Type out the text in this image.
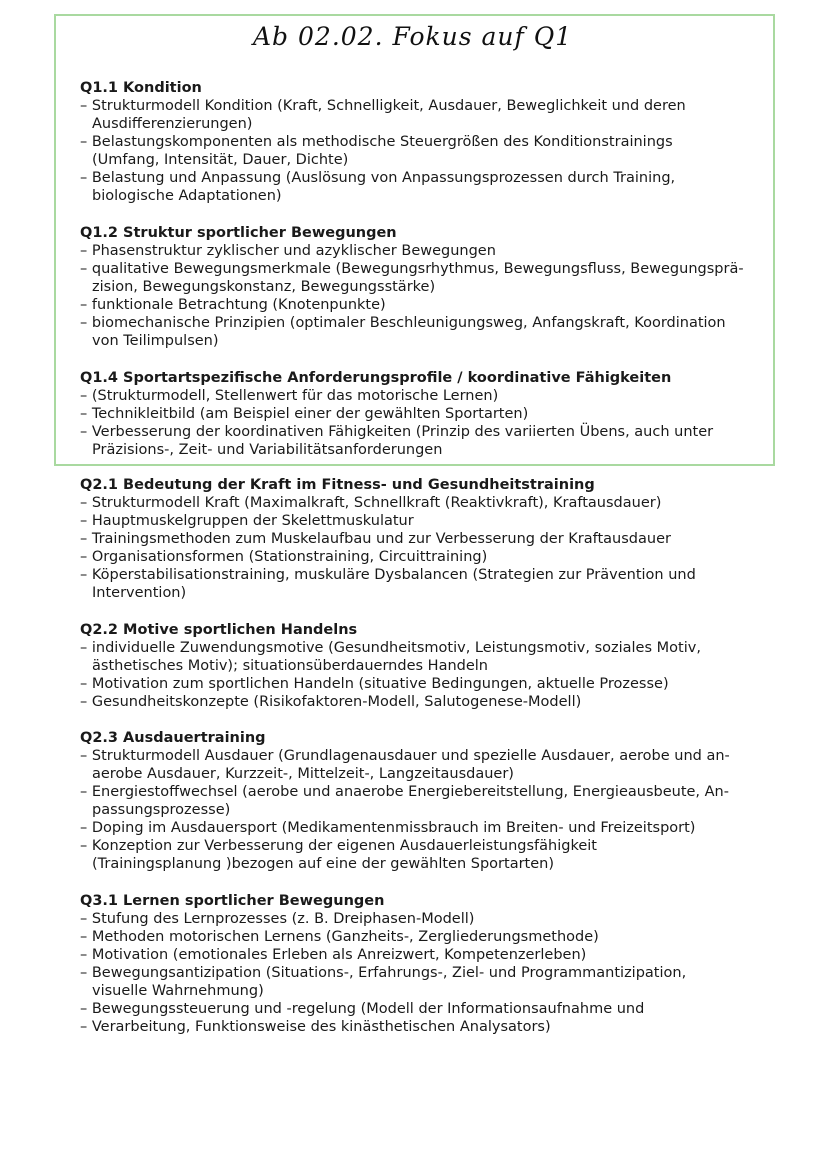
Ab 02.02. Fokus auf Q1
Q1.1 Kondition
– Strukturmodell Kondition (Kraft, Schnelligkeit, Ausdauer, Beweglichkeit und deren
Ausdifferenzierungen)
– Belastungskomponenten als methodische Steuergrößen des Konditionstrainings
(Umfang, Intensität, Dauer, Dichte)
– Belastung und Anpassung (Auslösung von Anpassungsprozessen durch Training,
biologische Adaptationen)
Q1.2 Struktur sportlicher Bewegungen
– Phasenstruktur zyklischer und azyklischer Bewegungen
– qualitative Bewegungsmerkmale (Bewegungsrhythmus, Bewegungsfluss, Bewegungsprä-
zision, Bewegungskonstanz, Bewegungsstärke)
– funktionale Betrachtung (Knotenpunkte)
– biomechanische Prinzipien (optimaler Beschleunigungsweg, Anfangskraft, Koordination
von Teilimpulsen)
Q1.4 Sportartspezifische Anforderungsprofile / koordinative Fähigkeiten
– (Strukturmodell, Stellenwert für das motorische Lernen)
– Technikleitbild (am Beispiel einer der gewählten Sportarten)
– Verbesserung der koordinativen Fähigkeiten (Prinzip des variierten Übens, auch unter
Präzisions-, Zeit- und Variabilitätsanforderungen
Q2.1 Bedeutung der Kraft im Fitness- und Gesundheitstraining
– Strukturmodell Kraft (Maximalkraft, Schnellkraft (Reaktivkraft), Kraftausdauer)
– Hauptmuskelgruppen der Skelettmuskulatur
– Trainingsmethoden zum Muskelaufbau und zur Verbesserung der Kraftausdauer
– Organisationsformen (Stationstraining, Circuittraining)
– Köperstabilisationstraining, muskuläre Dysbalancen (Strategien zur Prävention und
Intervention)
Q2.2 Motive sportlichen Handelns
– individuelle Zuwendungsmotive (Gesundheitsmotiv, Leistungsmotiv, soziales Motiv,
ästhetisches Motiv); situationsüberdauerndes Handeln
– Motivation zum sportlichen Handeln (situative Bedingungen, aktuelle Prozesse)
– Gesundheitskonzepte (Risikofaktoren-Modell, Salutogenese-Modell)
Q2.3 Ausdauertraining
– Strukturmodell Ausdauer (Grundlagenausdauer und spezielle Ausdauer, aerobe und an-
aerobe Ausdauer, Kurzzeit-, Mittelzeit-, Langzeitausdauer)
– Energiestoffwechsel (aerobe und anaerobe Energiebereitstellung, Energieausbeute, An-
passungsprozesse)
– Doping im Ausdauersport (Medikamentenmissbrauch im Breiten- und Freizeitsport)
– Konzeption zur Verbesserung der eigenen Ausdauerleistungsfähigkeit
(Trainingsplanung )bezogen auf eine der gewählten Sportarten)
Q3.1 Lernen sportlicher Bewegungen
– Stufung des Lernprozesses (z. B. Dreiphasen-Modell)
– Methoden motorischen Lernens (Ganzheits-, Zergliederungsmethode)
– Motivation (emotionales Erleben als Anreizwert, Kompetenzerleben)
– Bewegungsantizipation (Situations-, Erfahrungs-, Ziel- und Programmantizipation,
visuelle Wahrnehmung)
– Bewegungssteuerung und -regelung (Modell der Informationsaufnahme und
– Verarbeitung, Funktionsweise des kinästhetischen Analysators)
